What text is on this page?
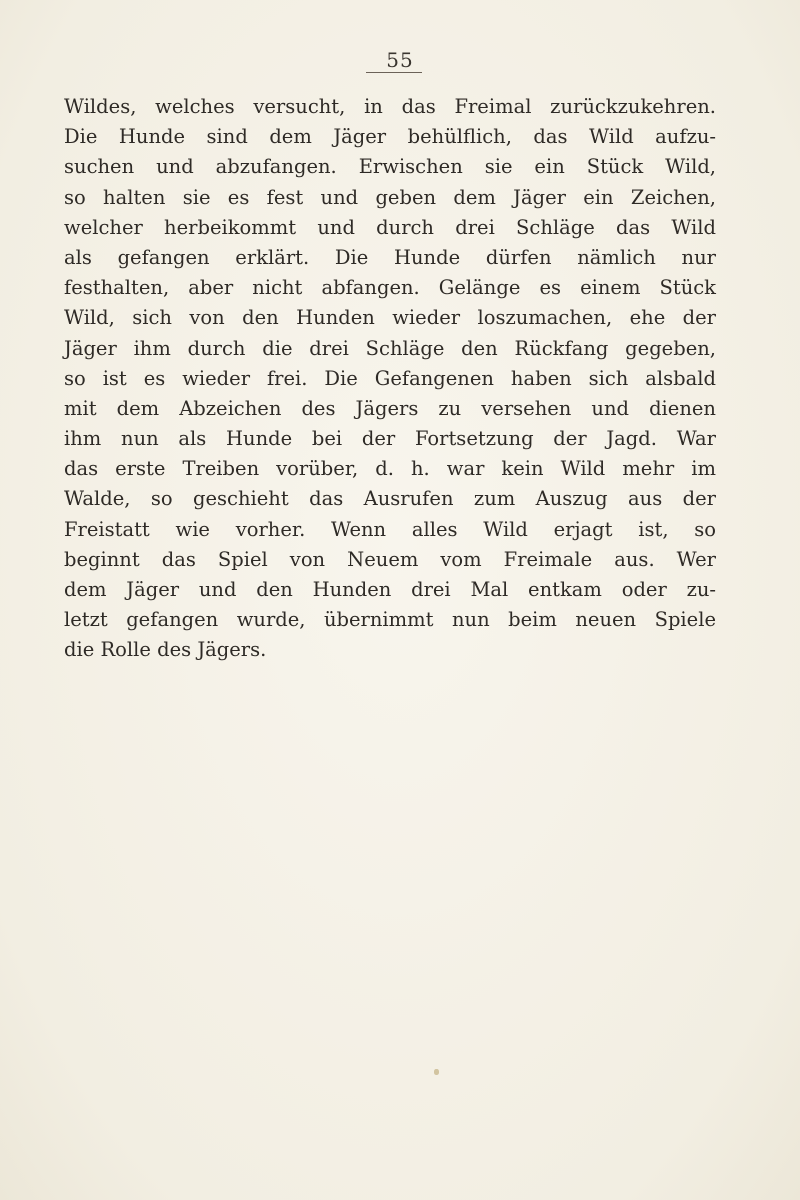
55
Wildes, welches versucht, in das Freimal zurückzukehren.
Die Hunde sind dem Jäger behülflich, das Wild aufzu-
suchen und abzufangen. Erwischen sie ein Stück Wild,
so halten sie es fest und geben dem Jäger ein Zeichen,
welcher herbeikommt und durch drei Schläge das Wild
als gefangen erklärt. Die Hunde dürfen nämlich nur
festhalten, aber nicht abfangen. Gelänge es einem Stück
Wild, sich von den Hunden wieder loszumachen, ehe der
Jäger ihm durch die drei Schläge den Rückfang gegeben,
so ist es wieder frei. Die Gefangenen haben sich alsbald
mit dem Abzeichen des Jägers zu versehen und dienen
ihm nun als Hunde bei der Fortsetzung der Jagd. War
das erste Treiben vorüber, d. h. war kein Wild mehr im
Walde, so geschieht das Ausrufen zum Auszug aus der
Freistatt wie vorher. Wenn alles Wild erjagt ist, so
beginnt das Spiel von Neuem vom Freimale aus. Wer
dem Jäger und den Hunden drei Mal entkam oder zu-
letzt gefangen wurde, übernimmt nun beim neuen Spiele
die Rolle des Jägers.
